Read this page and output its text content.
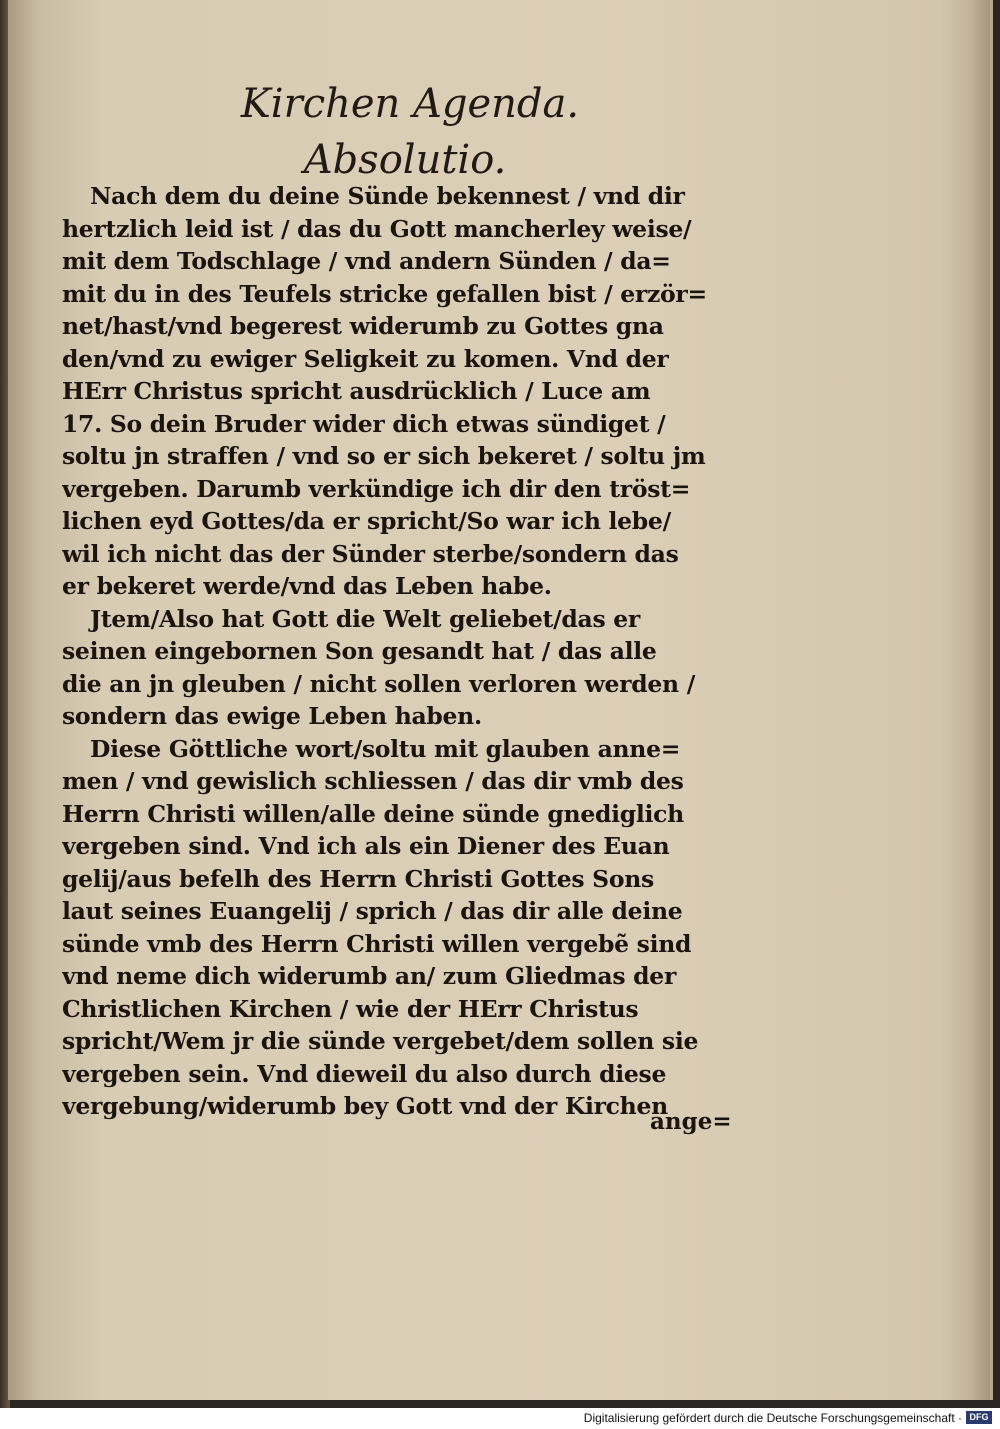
Kirchen Agenda.
Absolutio.
Nach dem du deine Sünde bekennest / vnd dir
hertzlich leid ist / das du Gott mancherley weise/
mit dem Todschlage / vnd andern Sünden / da=
mit du in des Teufels stricke gefallen bist / erzör=
net/hast/vnd begerest widerumb zu Gottes gna
den/vnd zu ewiger Seligkeit zu komen. Vnd der
HErr Christus spricht ausdrücklich / Luce am
17. So dein Bruder wider dich etwas sündiget /
soltu jn straffen / vnd so er sich bekeret / soltu jm
vergeben. Darumb verkündige ich dir den tröst=
lichen eyd Gottes/da er spricht/So war ich lebe/
wil ich nicht das der Sünder sterbe/sondern das
er bekeret werde/vnd das Leben habe.
Jtem/Also hat Gott die Welt geliebet/das er
seinen eingebornen Son gesandt hat / das alle
die an jn gleuben / nicht sollen verloren werden /
sondern das ewige Leben haben.
Diese Göttliche wort/soltu mit glauben anne=
men / vnd gewislich schliessen / das dir vmb des
Herrn Christi willen/alle deine sünde gnediglich
vergeben sind. Vnd ich als ein Diener des Euan
gelij/aus befelh des Herrn Christi Gottes Sons
laut seines Euangelij / sprich / das dir alle deine
sünde vmb des Herrn Christi willen vergebẽ sind
vnd neme dich widerumb an/ zum Gliedmas der
Christlichen Kirchen / wie der HErr Christus
spricht/Wem jr die sünde vergebet/dem sollen sie
vergeben sein. Vnd dieweil du also durch diese
vergebung/widerumb bey Gott vnd der Kirchen
ange=
Digitalisierung gefördert durch die Deutsche Forschungsgemeinschaft · DFG
